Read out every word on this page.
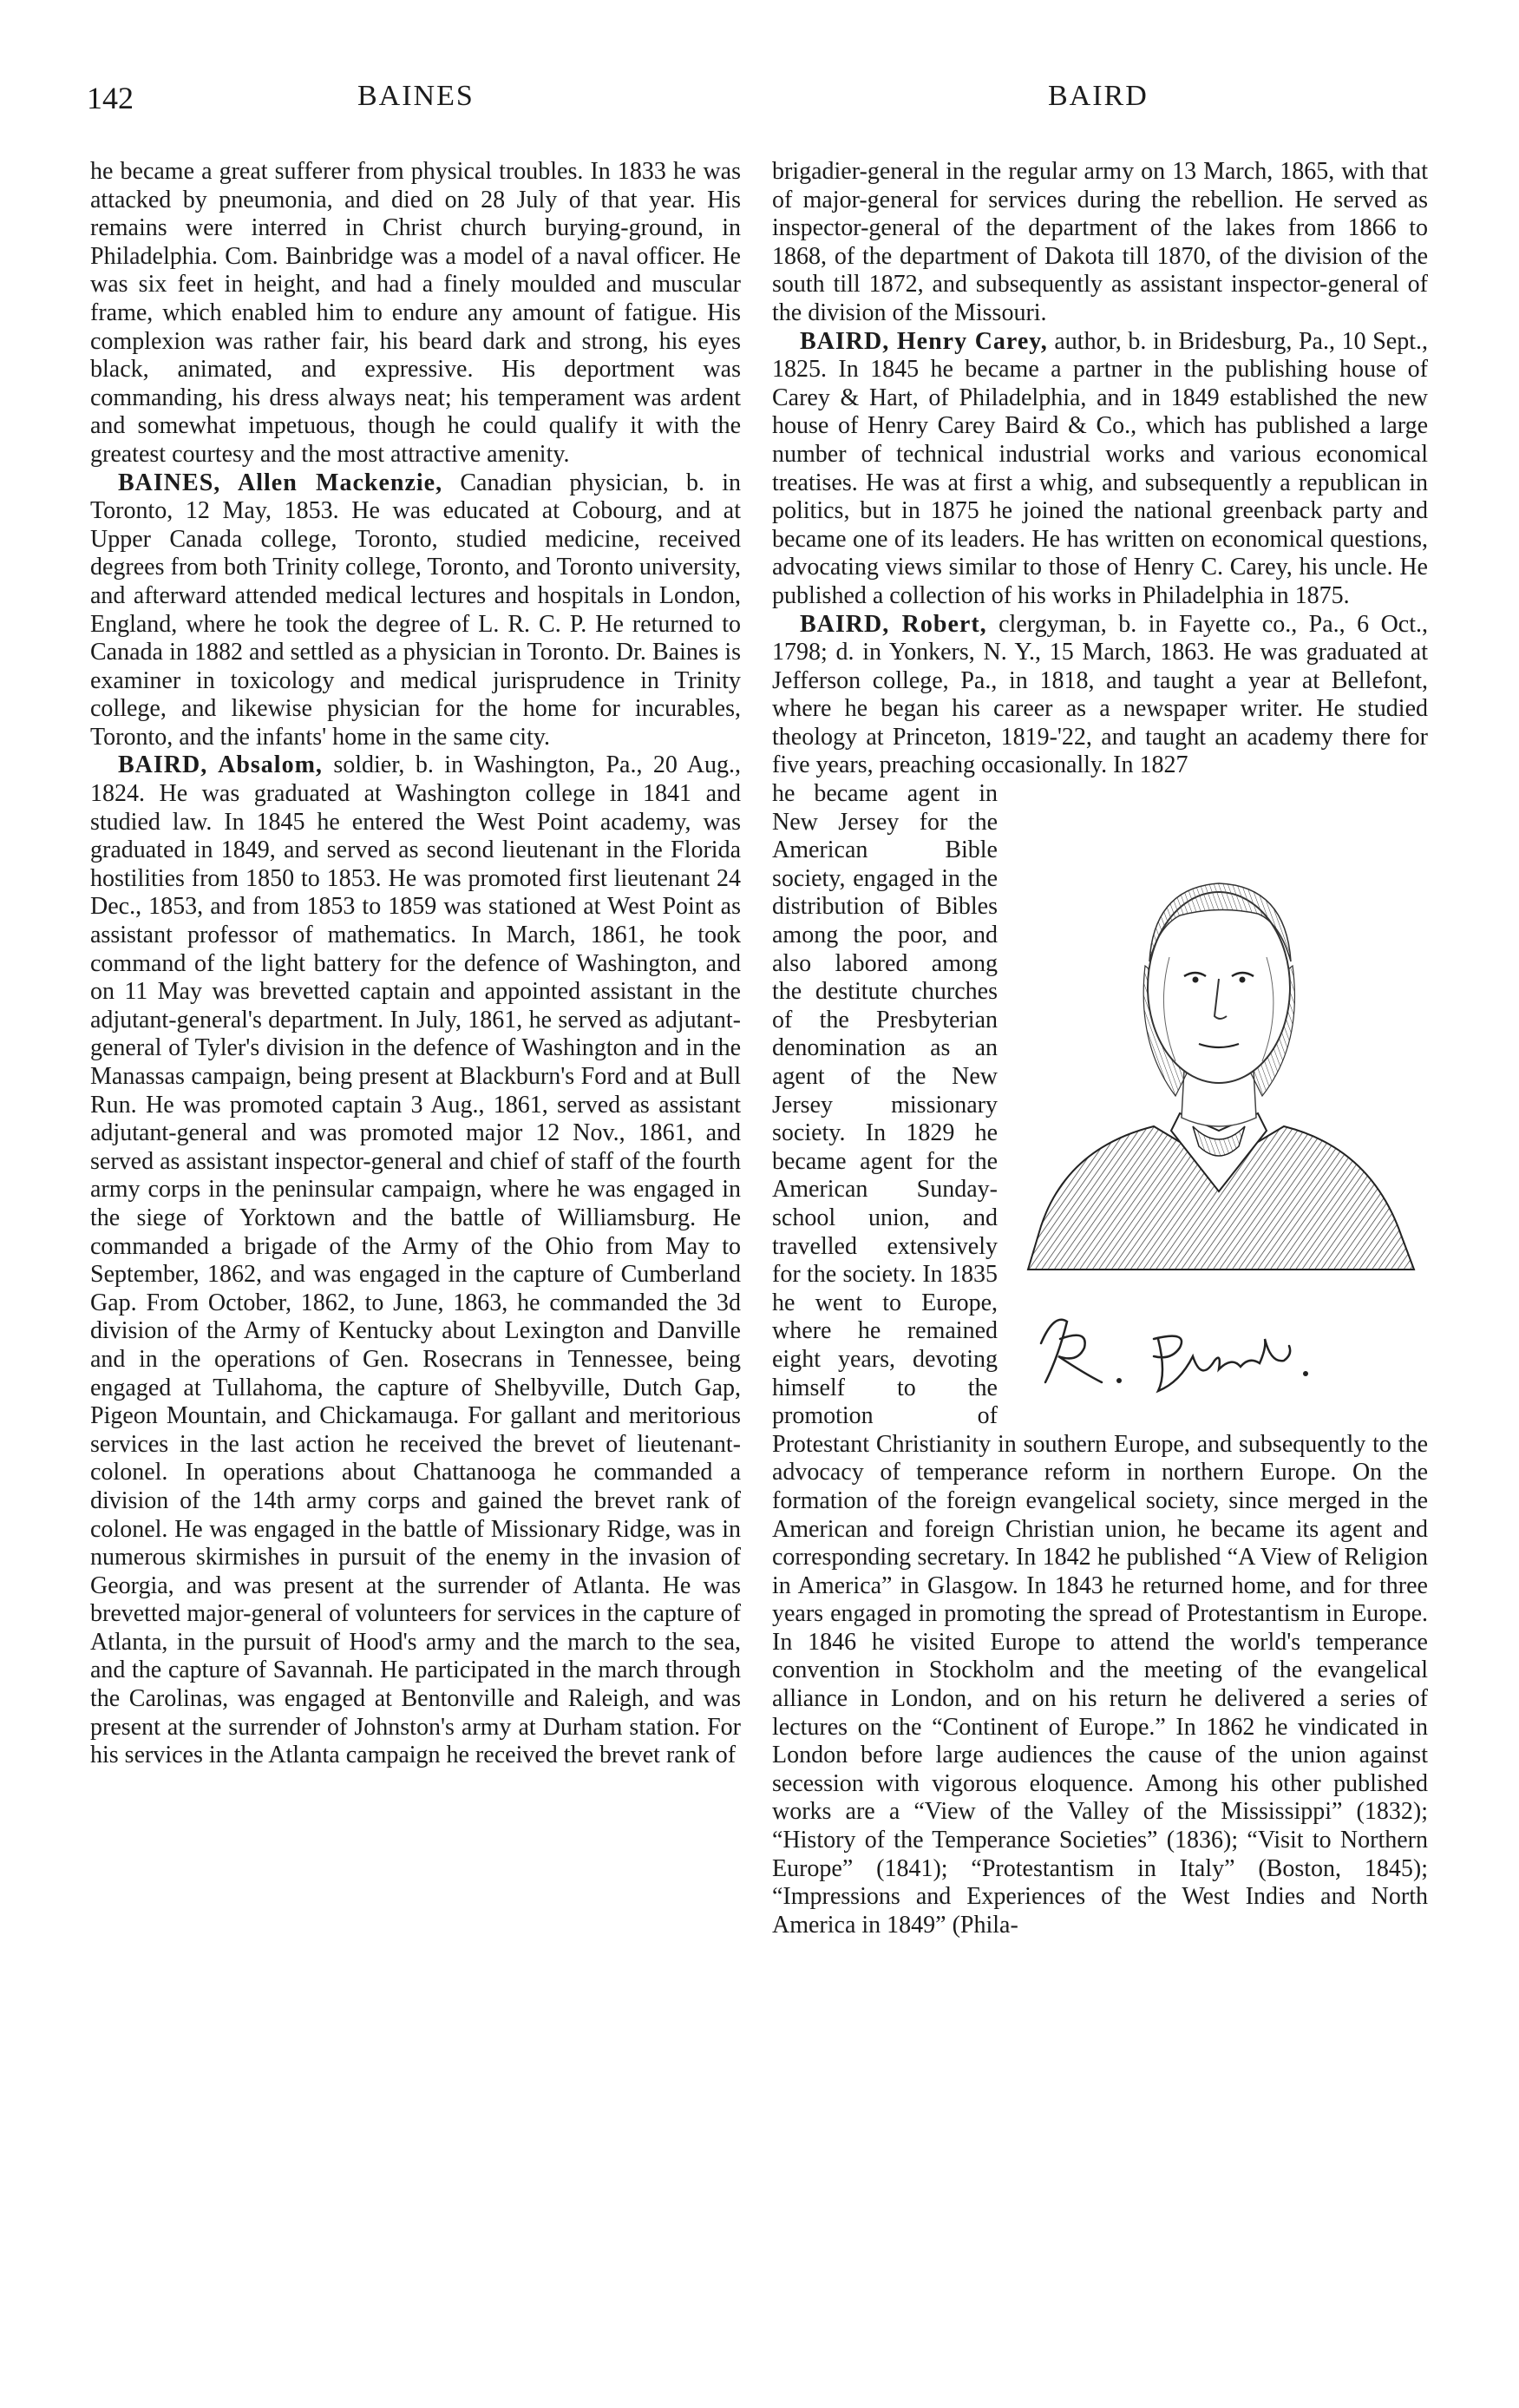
142	BAINES	BAIRD

he became a great sufferer from physical troubles. In 1833 he was attacked by pneumonia, and died on 28 July of that year. His remains were interred in Christ church burying-ground, in Philadelphia. Com. Bainbridge was a model of a naval officer. He was six feet in height, and had a finely moulded and muscular frame, which enabled him to endure any amount of fatigue. His complexion was rather fair, his beard dark and strong, his eyes black, animated, and expressive. His deportment was commanding, his dress always neat; his temperament was ardent and somewhat impetuous, though he could qualify it with the greatest courtesy and the most attractive amenity.

BAINES, Allen Mackenzie, Canadian physician, b. in Toronto, 12 May, 1853. He was educated at Cobourg, and at Upper Canada college, Toronto, studied medicine, received degrees from both Trinity college, Toronto, and Toronto university, and afterward attended medical lectures and hospitals in London, England, where he took the degree of L. R. C. P. He returned to Canada in 1882 and settled as a physician in Toronto. Dr. Baines is examiner in toxicology and medical jurisprudence in Trinity college, and likewise physician for the home for incurables, Toronto, and the infants' home in the same city.

BAIRD, Absalom, soldier, b. in Washington, Pa., 20 Aug., 1824. He was graduated at Washington college in 1841 and studied law. In 1845 he entered the West Point academy, was graduated in 1849, and served as second lieutenant in the Florida hostilities from 1850 to 1853. He was promoted first lieutenant 24 Dec., 1853, and from 1853 to 1859 was stationed at West Point as assistant professor of mathematics. In March, 1861, he took command of the light battery for the defence of Washington, and on 11 May was brevetted captain and appointed assistant in the adjutant-general's department. In July, 1861, he served as adjutant-general of Tyler's division in the defence of Washington and in the Manassas campaign, being present at Blackburn's Ford and at Bull Run. He was promoted captain 3 Aug., 1861, served as assistant adjutant-general and was promoted major 12 Nov., 1861, and served as assistant inspector-general and chief of staff of the fourth army corps in the peninsular campaign, where he was engaged in the siege of Yorktown and the battle of Williamsburg. He commanded a brigade of the Army of the Ohio from May to September, 1862, and was engaged in the capture of Cumberland Gap. From October, 1862, to June, 1863, he commanded the 3d division of the Army of Kentucky about Lexington and Danville and in the operations of Gen. Rosecrans in Tennessee, being engaged at Tullahoma, the capture of Shelbyville, Dutch Gap, Pigeon Mountain, and Chickamauga. For gallant and meritorious services in the last action he received the brevet of lieutenant-colonel. In operations about Chattanooga he commanded a division of the 14th army corps and gained the brevet rank of colonel. He was engaged in the battle of Missionary Ridge, was in numerous skirmishes in pursuit of the enemy in the invasion of Georgia, and was present at the surrender of Atlanta. He was brevetted major-general of volunteers for services in the capture of Atlanta, in the pursuit of Hood's army and the march to the sea, and the capture of Savannah. He participated in the march through the Carolinas, was engaged at Bentonville and Raleigh, and was present at the surrender of Johnston's army at Durham station. For his services in the Atlanta campaign he received the brevet rank of

brigadier-general in the regular army on 13 March, 1865, with that of major-general for services during the rebellion. He served as inspector-general of the department of the lakes from 1866 to 1868, of the department of Dakota till 1870, of the division of the south till 1872, and subsequently as assistant inspector-general of the division of the Missouri.

BAIRD, Henry Carey, author, b. in Bridesburg, Pa., 10 Sept., 1825. In 1845 he became a partner in the publishing house of Carey & Hart, of Philadelphia, and in 1849 established the new house of Henry Carey Baird & Co., which has published a large number of technical industrial works and various economical treatises. He was at first a whig, and subsequently a republican in politics, but in 1875 he joined the national greenback party and became one of its leaders. He has written on economical questions, advocating views similar to those of Henry C. Carey, his uncle. He published a collection of his works in Philadelphia in 1875.

BAIRD, Robert, clergyman, b. in Fayette co., Pa., 6 Oct., 1798; d. in Yonkers, N. Y., 15 March, 1863. He was graduated at Jefferson college, Pa., in 1818, and taught a year at Bellefont, where he began his career as a newspaper writer. He studied theology at Princeton, 1819-'22, and taught an academy there for five years, preaching occasionally. In 1827

he became agent in New Jersey for the American Bible society, engaged in the distribution of Bibles among the poor, and also labored among the destitute churches of the Presbyterian denomination as an agent of the New Jersey missionary society. In 1829 he became agent for the American Sunday-school union, and travelled extensively for the society. In 1835 he went to Europe, where he remained eight years, devoting himself to the promotion of Protestant Christianity in southern Europe, and subsequently to the advocacy of temperance reform in northern Europe. On the formation of the foreign evangelical society, since merged in the American and foreign Christian union, he became its agent and corresponding secretary. In 1842 he published “A View of Religion in America” in Glasgow. In 1843 he returned home, and for three years engaged in promoting the spread of Protestantism in Europe. In 1846 he visited Europe to attend the world's temperance convention in Stockholm and the meeting of the evangelical alliance in London, and on his return he delivered a series of lectures on the “Continent of Europe.” In 1862 he vindicated in London before large audiences the cause of the union against secession with vigorous eloquence. Among his other published works are a “View of the Valley of the Mississippi” (1832); “History of the Temperance Societies” (1836); “Visit to Northern Europe” (1841); “Protestantism in Italy” (Boston, 1845); “Impressions and Experiences of the West Indies and North America in 1849” (Phila-
